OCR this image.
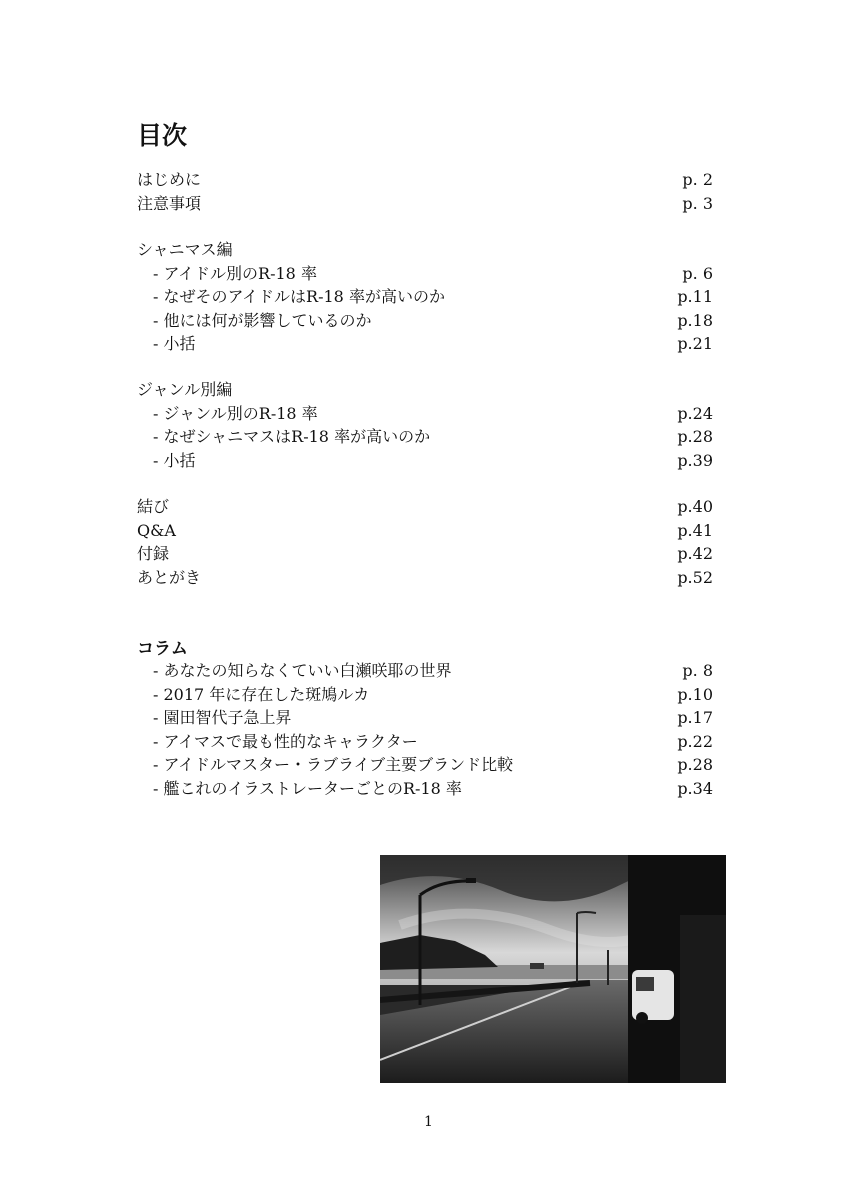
目次
はじめに	p. 2
注意事項	p. 3
シャニマス編
- アイドル別のR-18 率	p. 6
- なぜそのアイドルはR-18 率が高いのか	p.11
- 他には何が影響しているのか	p.18
- 小括	p.21
ジャンル別編
- ジャンル別のR-18 率	p.24
- なぜシャニマスはR-18 率が高いのか	p.28
- 小括	p.39
結び	p.40
Q&A	p.41
付録	p.42
あとがき	p.52
コラム
- あなたの知らなくていい白瀬咲耶の世界	p. 8
- 2017 年に存在した斑鳩ルカ	p.10
- 園田智代子急上昇	p.17
- アイマスで最も性的なキャラクター	p.22
- アイドルマスター・ラブライブ主要ブランド比較	p.28
- 艦これのイラストレーターごとのR-18 率	p.34
1
